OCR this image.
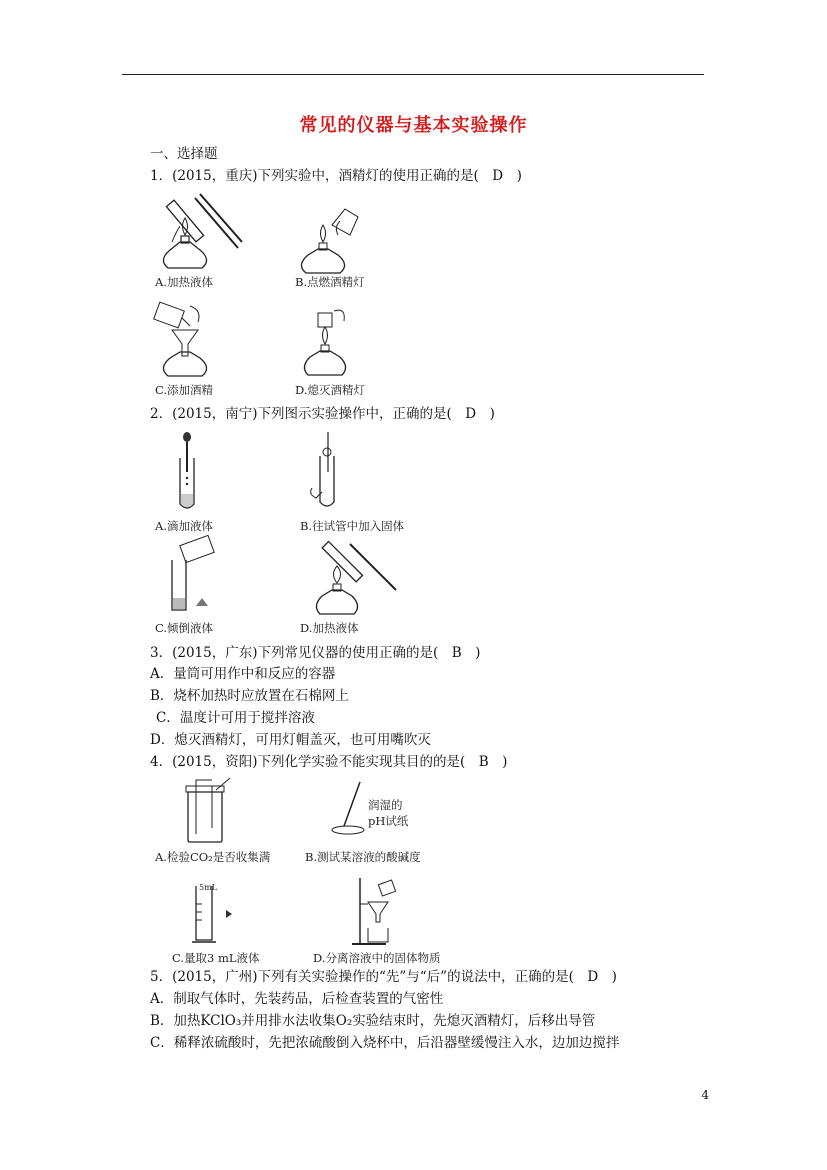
常见的仪器与基本实验操作
一、选择题
1．(2015，重庆)下列实验中，酒精灯的使用正确的是(　D　)
A.加热液体	B.点燃酒精灯
C.添加酒精	D.熄灭酒精灯
2．(2015，南宁)下列图示实验操作中，正确的是(　D　)
A.滴加液体	B.往试管中加入固体
C.倾倒液体	D.加热液体
3．(2015，广东)下列常见仪器的使用正确的是(　B　)
A．量筒可用作中和反应的容器
B．烧杯加热时应放置在石棉网上
C．温度计可用于搅拌溶液
D．熄灭酒精灯，可用灯帽盖灭，也可用嘴吹灭
4．(2015，资阳)下列化学实验不能实现其目的的是(　B　)
A.检验CO₂是否收集满
润湿的
pH试纸
B.测试某溶液的酸碱度
5mL
C.量取3 mL液体	D.分离溶液中的固体物质
5．(2015，广州)下列有关实验操作的“先”与“后”的说法中，正确的是(　D　)
A．制取气体时，先装药品，后检查装置的气密性
B．加热KClO₃并用排水法收集O₂实验结束时，先熄灭酒精灯，后移出导管
C．稀释浓硫酸时，先把浓硫酸倒入烧杯中，后沿器壁缓慢注入水，边加边搅拌
4
